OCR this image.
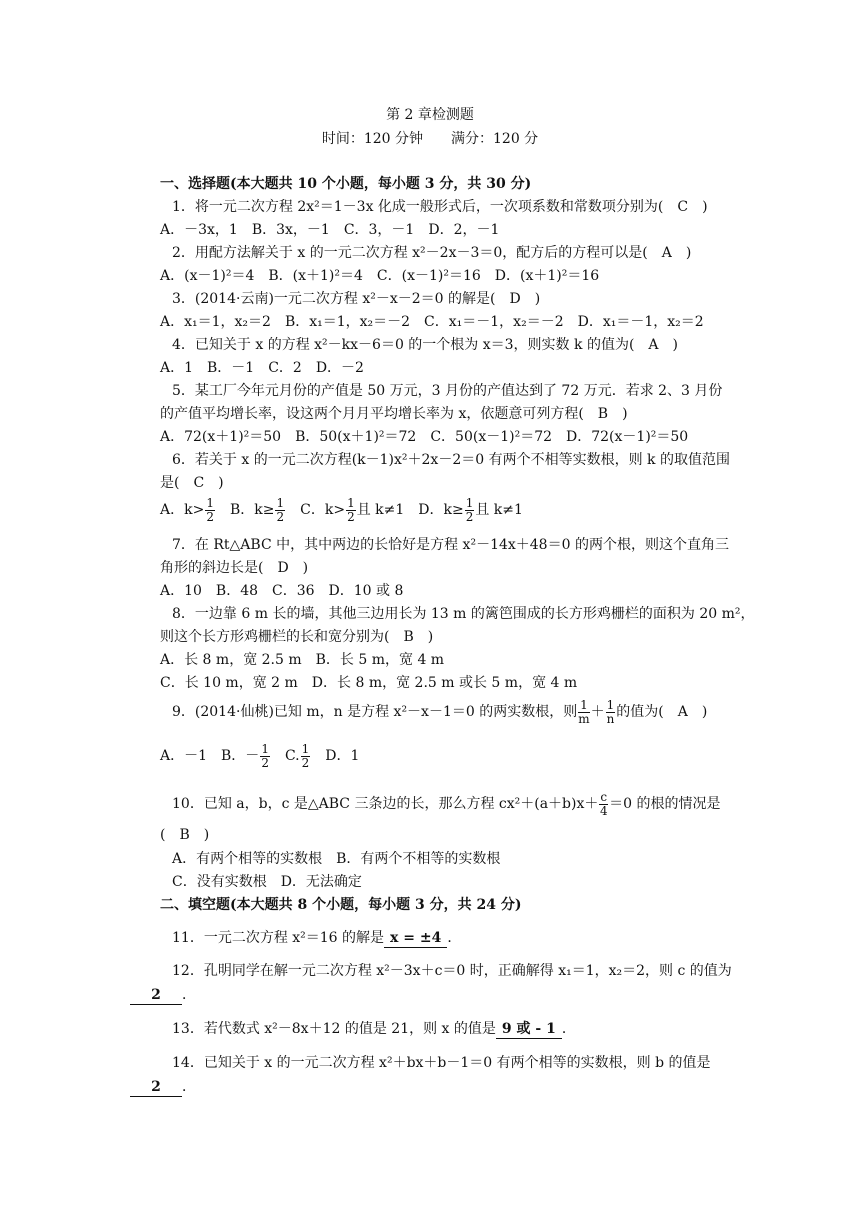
第 2 章检测题
时间：120 分钟　　满分：120 分
一、选择题(本大题共 10 个小题，每小题 3 分，共 30 分)
1．将一元二次方程 2x²＝1－3x 化成一般形式后，一次项系数和常数项分别为(　C　)
A．－3x，1　B．3x，－1　C．3，－1　D．2，－1
2．用配方法解关于 x 的一元二次方程 x²－2x－3＝0，配方后的方程可以是(　A　)
A．(x－1)²＝4　B．(x＋1)²＝4　C．(x－1)²＝16　D．(x＋1)²＝16
3．(2014·云南)一元二次方程 x²－x－2＝0 的解是(　D　)
A．x₁＝1，x₂＝2　B．x₁＝1，x₂＝－2　C．x₁＝－1，x₂＝－2　D．x₁＝－1，x₂＝2
4．已知关于 x 的方程 x²－kx－6＝0 的一个根为 x＝3，则实数 k 的值为(　A　)
A．1　B．－1　C．2　D．－2
5．某工厂今年元月份的产值是 50 万元，3 月份的产值达到了 72 万元．若求 2、3 月份
的产值平均增长率，设这两个月月平均增长率为 x，依题意可列方程(　B　)
A．72(x＋1)²＝50　B．50(x＋1)²＝72　C．50(x－1)²＝72　D．72(x－1)²＝50
6．若关于 x 的一元二次方程(k－1)x²＋2x－2＝0 有两个不相等实数根，则 k 的取值范围
是(　C　)
A．$k> \frac{1}{2}$ 　B．$k\ge \frac{1}{2}$ 　C．$k> \frac{1}{2}$ 且 k≠1　D．$k\ge \frac{1}{2}$ 且 k≠1
7．在 Rt△ABC 中，其中两边的长恰好是方程 x²－14x＋48＝0 的两个根，则这个直角三
角形的斜边长是(　D　)
A．10　B．48　C．36　D．10 或 8
8．一边靠 6 m 长的墙，其他三边用长为 13 m 的篱笆围成的长方形鸡栅栏的面积为 20 m²，
则这个长方形鸡栅栏的长和宽分别为(　B　)
A．长 8 m，宽 2.5 m　B．长 5 m，宽 4 m
C．长 10 m，宽 2 m　D．长 8 m，宽 2.5 m 或长 5 m，宽 4 m
9．(2014·仙桃)已知 m，n 是方程 x²－x－1＝0 的两实数根，则 $\frac{1}{m} + \frac{1}{n}$ 的值为(　A　)
A．－1　B．－ $\frac{1}{2}$ 　C. $\frac{1}{2}$ 　D．1
10．已知 a，b，c 是△ABC 三条边的长，那么方程 $cx^2+(a+b)x+ \frac{c}{4} =0$ 的根的情况是
(　B　)
A．有两个相等的实数根　B．有两个不相等的实数根
C．没有实数根　D．无法确定
二、填空题(本大题共 8 个小题，每小题 3 分，共 24 分)
11．一元二次方程 x²＝16 的解是 x = ±4 ．
12．孔明同学在解一元二次方程 x²－3x＋c＝0 时，正确解得 x₁＝1，x₂＝2，则 c 的值为
2 ．
13．若代数式 x²－8x＋12 的值是 21，则 x 的值是 9 或 - 1 ．
14．已知关于 x 的一元二次方程 x²＋bx＋b－1＝0 有两个相等的实数根，则 b 的值是
2 ．
